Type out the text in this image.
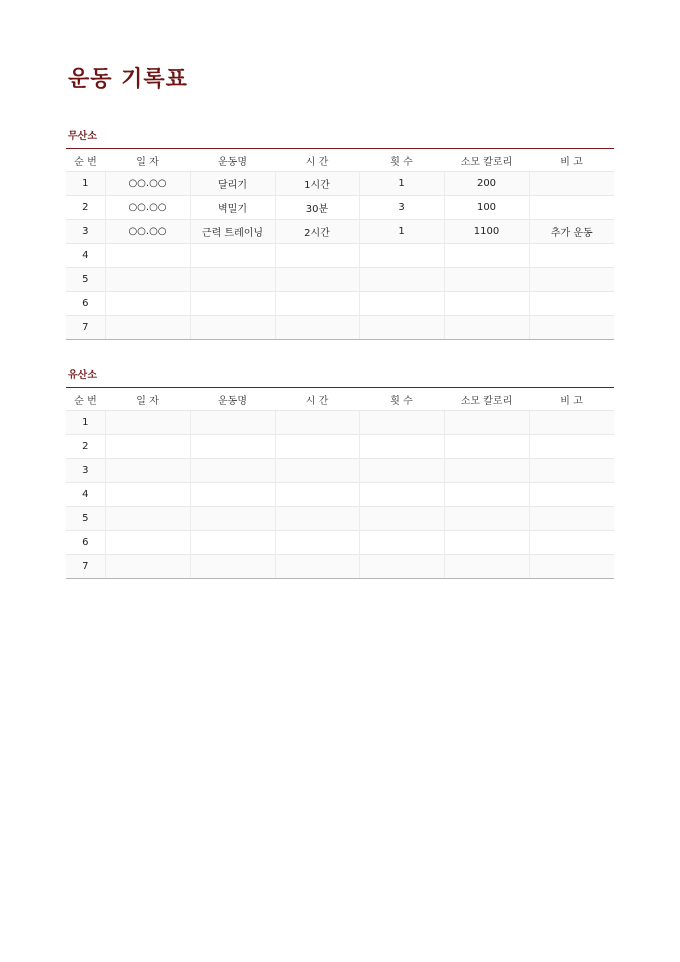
운동 기록표
무산소
순 번	일 자	운동명	시 간	횟 수	소모 칼로리	비 고
1	○○.○○	달리기	1시간	1	200	
2	○○.○○	벽밀기	30분	3	100	
3	○○.○○	근력 트레이닝	2시간	1	1100	추가 운동
4						
5						
6						
7						
유산소
순 번	일 자	운동명	시 간	횟 수	소모 칼로리	비 고
1						
2						
3						
4						
5						
6						
7						
